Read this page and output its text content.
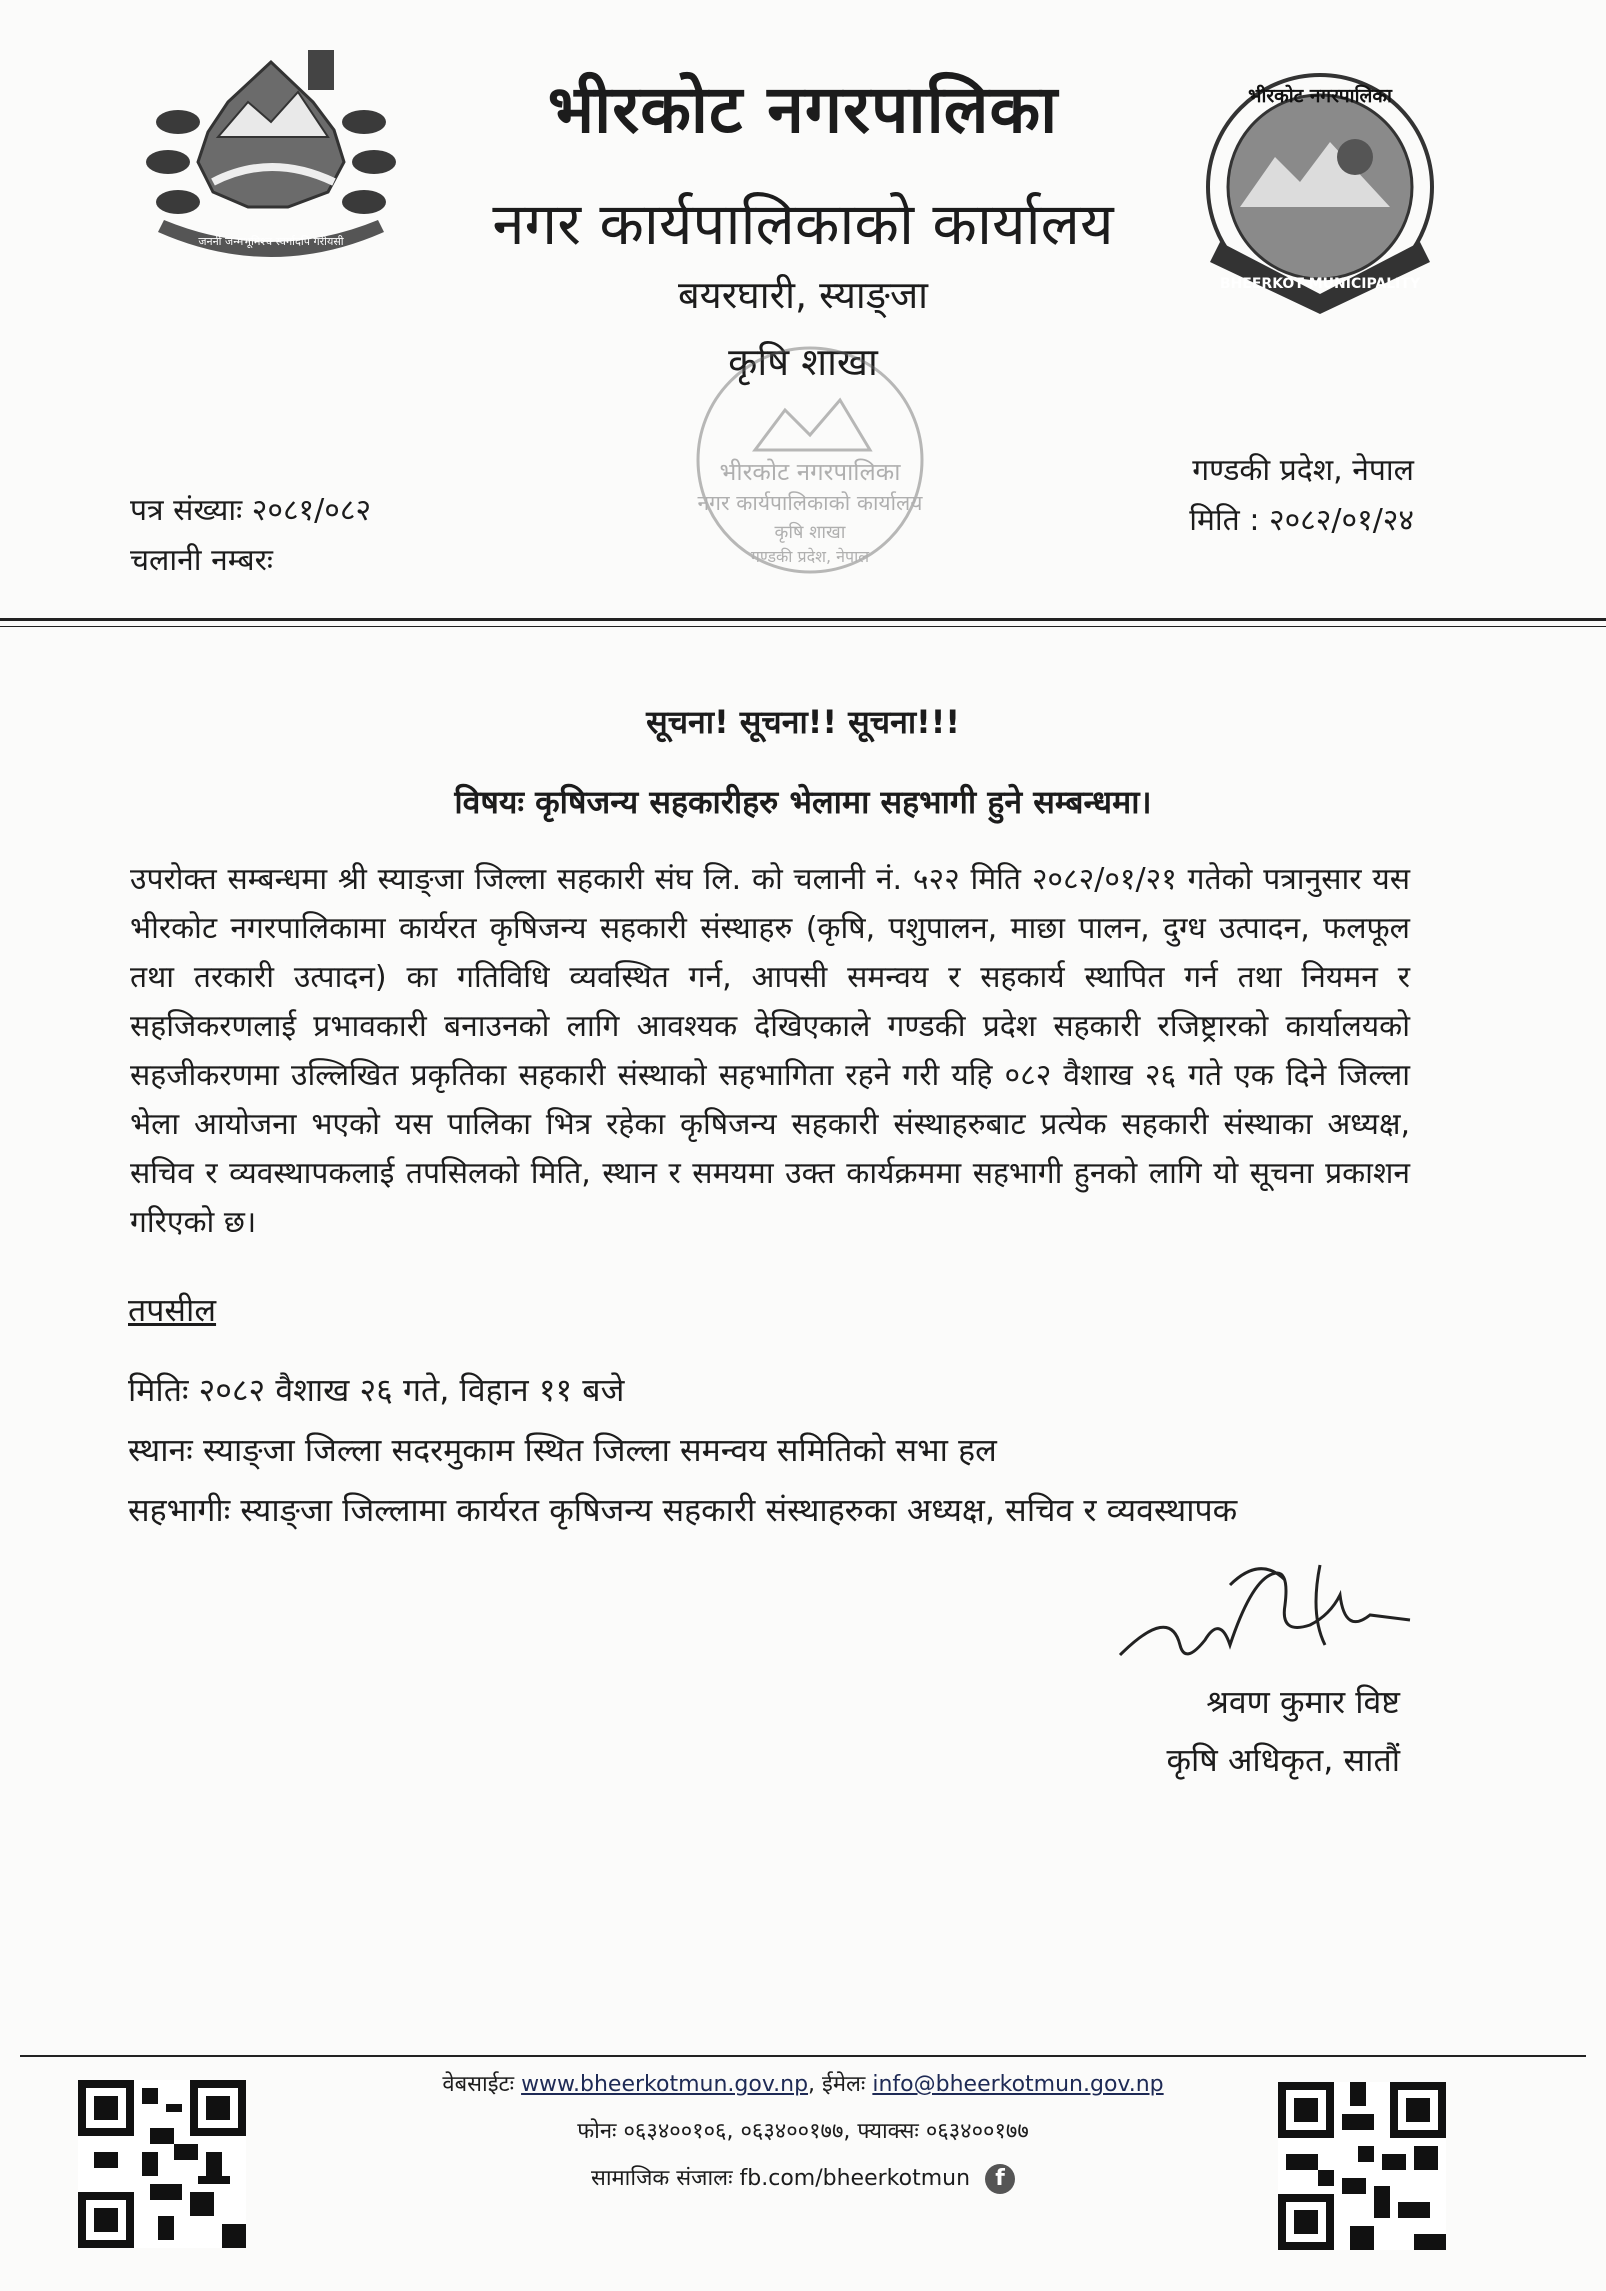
जननी जन्मभूमिश्च स्वर्गादपि गरीयसी
भीरकोट नगरपालिका
BHEERKOT MUNICIPALITY
भीरकोट नगरपालिका
नगर कार्यपालिकाको कार्यालय
बयरघारी, स्याङ्जा
कृषि शाखा
भीरकोट नगरपालिका
नगर कार्यपालिकाको कार्यालय
कृषि शाखा
गण्डकी प्रदेश, नेपाल
पत्र संख्याः २०८१/०८२
चलानी नम्बरः
गण्डकी प्रदेश, नेपाल
मिति : २०८२/०१/२४
सूचना! सूचना!! सूचना!!!
विषयः कृषिजन्य सहकारीहरु भेलामा सहभागी हुने सम्बन्धमा।
उपरोक्त सम्बन्धमा श्री स्याङ्जा जिल्ला सहकारी संघ लि. को चलानी नं. ५२२ मिति २०८२/०१/२१ गतेको पत्रानुसार यस भीरकोट नगरपालिकामा कार्यरत कृषिजन्य सहकारी संस्थाहरु (कृषि, पशुपालन, माछा पालन, दुग्ध उत्पादन, फलफूल तथा तरकारी उत्पादन) का गतिविधि व्यवस्थित गर्न, आपसी समन्वय र सहकार्य स्थापित गर्न तथा नियमन र सहजिकरणलाई प्रभावकारी बनाउनको लागि आवश्यक देखिएकाले गण्डकी प्रदेश सहकारी रजिष्ट्रारको कार्यालयको सहजीकरणमा उल्लिखित प्रकृतिका सहकारी संस्थाको सहभागिता रहने गरी यहि ०८२ वैशाख २६ गते एक दिने जिल्ला भेला आयोजना भएको यस पालिका भित्र रहेका कृषिजन्य सहकारी संस्थाहरुबाट प्रत्येक सहकारी संस्थाका अध्यक्ष, सचिव र व्यवस्थापकलाई तपसिलको मिति, स्थान र समयमा उक्त कार्यक्रममा सहभागी हुनको लागि यो सूचना प्रकाशन गरिएको छ।
तपसील
मितिः २०८२ वैशाख २६ गते, विहान ११ बजे
स्थानः स्याङ्जा जिल्ला सदरमुकाम स्थित जिल्ला समन्वय समितिको सभा हल
सहभागीः स्याङ्जा जिल्लामा कार्यरत कृषिजन्य सहकारी संस्थाहरुका अध्यक्ष, सचिव र व्यवस्थापक
श्रवण कुमार विष्ट
कृषि अधिकृत, सातौं
वेबसाईटः www.bheerkotmun.gov.np, ईमेलः info@bheerkotmun.gov.np
फोनः ०६३४००१०६, ०६३४००१७७, फ्याक्सः ०६३४००१७७
सामाजिक संजालः fb.com/bheerkotmun f
